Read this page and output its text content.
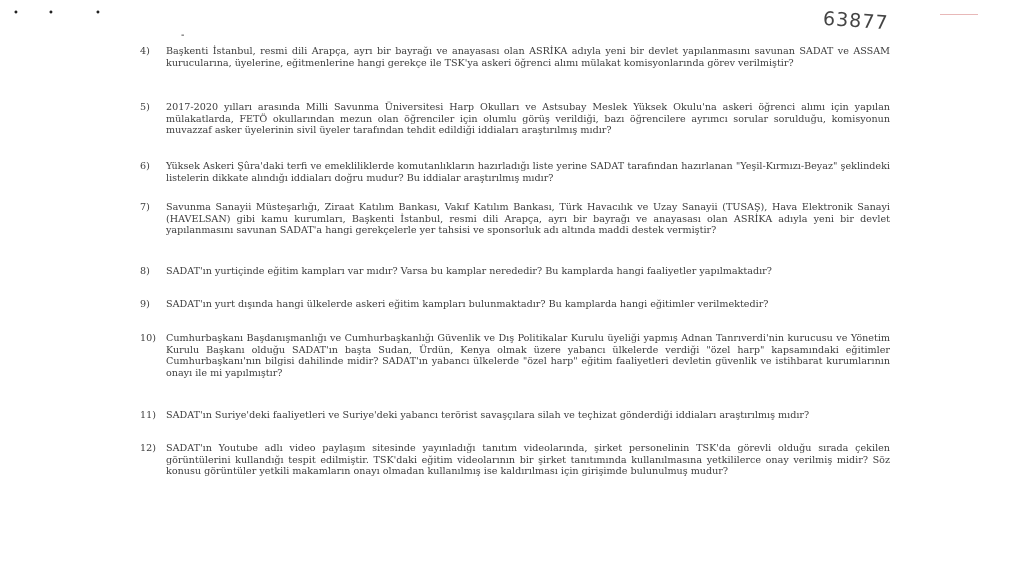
•	•	•
-
63877
4)	Başkenti İstanbul, resmi dili Arapça, ayrı bir bayrağı ve anayasası olan ASRİKA adıyla yeni bir devlet yapılanmasını savunan SADAT ve ASSAM kurucularına, üyelerine, eğitmenlerine hangi gerekçe ile TSK'ya askeri öğrenci alımı mülakat komisyonlarında görev verilmiştir?
5)	2017-2020 yılları arasında Milli Savunma Üniversitesi Harp Okulları ve Astsubay Meslek Yüksek Okulu'na askeri öğrenci alımı için yapılan mülakatlarda, FETÖ okullarından mezun olan öğrenciler için olumlu görüş verildiği, bazı öğrencilere ayrımcı sorular sorulduğu, komisyonun muvazzaf asker üyelerinin sivil üyeler tarafından tehdit edildiği iddiaları araştırılmış mıdır?
6)	Yüksek Askeri Şûra'daki terfi ve emekliliklerde komutanlıkların hazırladığı liste yerine SADAT tarafından hazırlanan "Yeşil-Kırmızı-Beyaz" şeklindeki listelerin dikkate alındığı iddiaları doğru mudur? Bu iddialar araştırılmış mıdır?
7)	Savunma Sanayii Müsteşarlığı, Ziraat Katılım Bankası, Vakıf Katılım Bankası, Türk Havacılık ve Uzay Sanayii (TUSAŞ), Hava Elektronik Sanayi (HAVELSAN) gibi kamu kurumları, Başkenti İstanbul, resmi dili Arapça, ayrı bir bayrağı ve anayasası olan ASRİKA adıyla yeni bir devlet yapılanmasını savunan SADAT'a hangi gerekçelerle yer tahsisi ve sponsorluk adı altında maddi destek vermiştir?
8)	SADAT'ın yurtiçinde eğitim kampları var mıdır? Varsa bu kamplar nerededir? Bu kamplarda hangi faaliyetler yapılmaktadır?
9)	SADAT'ın yurt dışında hangi ülkelerde askeri eğitim kampları bulunmaktadır? Bu kamplarda hangi eğitimler verilmektedir?
10)	Cumhurbaşkanı Başdanışmanlığı ve Cumhurbaşkanlığı Güvenlik ve Dış Politikalar Kurulu üyeliği yapmış Adnan Tanrıverdi'nin kurucusu ve Yönetim Kurulu Başkanı olduğu SADAT'ın başta Sudan, Ürdün, Kenya olmak üzere yabancı ülkelerde verdiği "özel harp" kapsamındaki eğitimler Cumhurbaşkanı'nın bilgisi dahilinde midir? SADAT'ın yabancı ülkelerde "özel harp" eğitim faaliyetleri devletin güvenlik ve istihbarat kurumlarının onayı ile mi yapılmıştır?
11)	SADAT'ın Suriye'deki faaliyetleri ve Suriye'deki yabancı terörist savaşçılara silah ve teçhizat gönderdiği iddiaları araştırılmış mıdır?
12)	SADAT'ın Youtube adlı video paylaşım sitesinde yayınladığı tanıtım videolarında, şirket personelinin TSK'da görevli olduğu sırada çekilen görüntülerini kullandığı tespit edilmiştir. TSK'daki eğitim videolarının bir şirket tanıtımında kullanılmasına yetkililerce onay verilmiş midir? Söz konusu görüntüler yetkili makamların onayı olmadan kullanılmış ise kaldırılması için girişimde bulunulmuş mudur?
